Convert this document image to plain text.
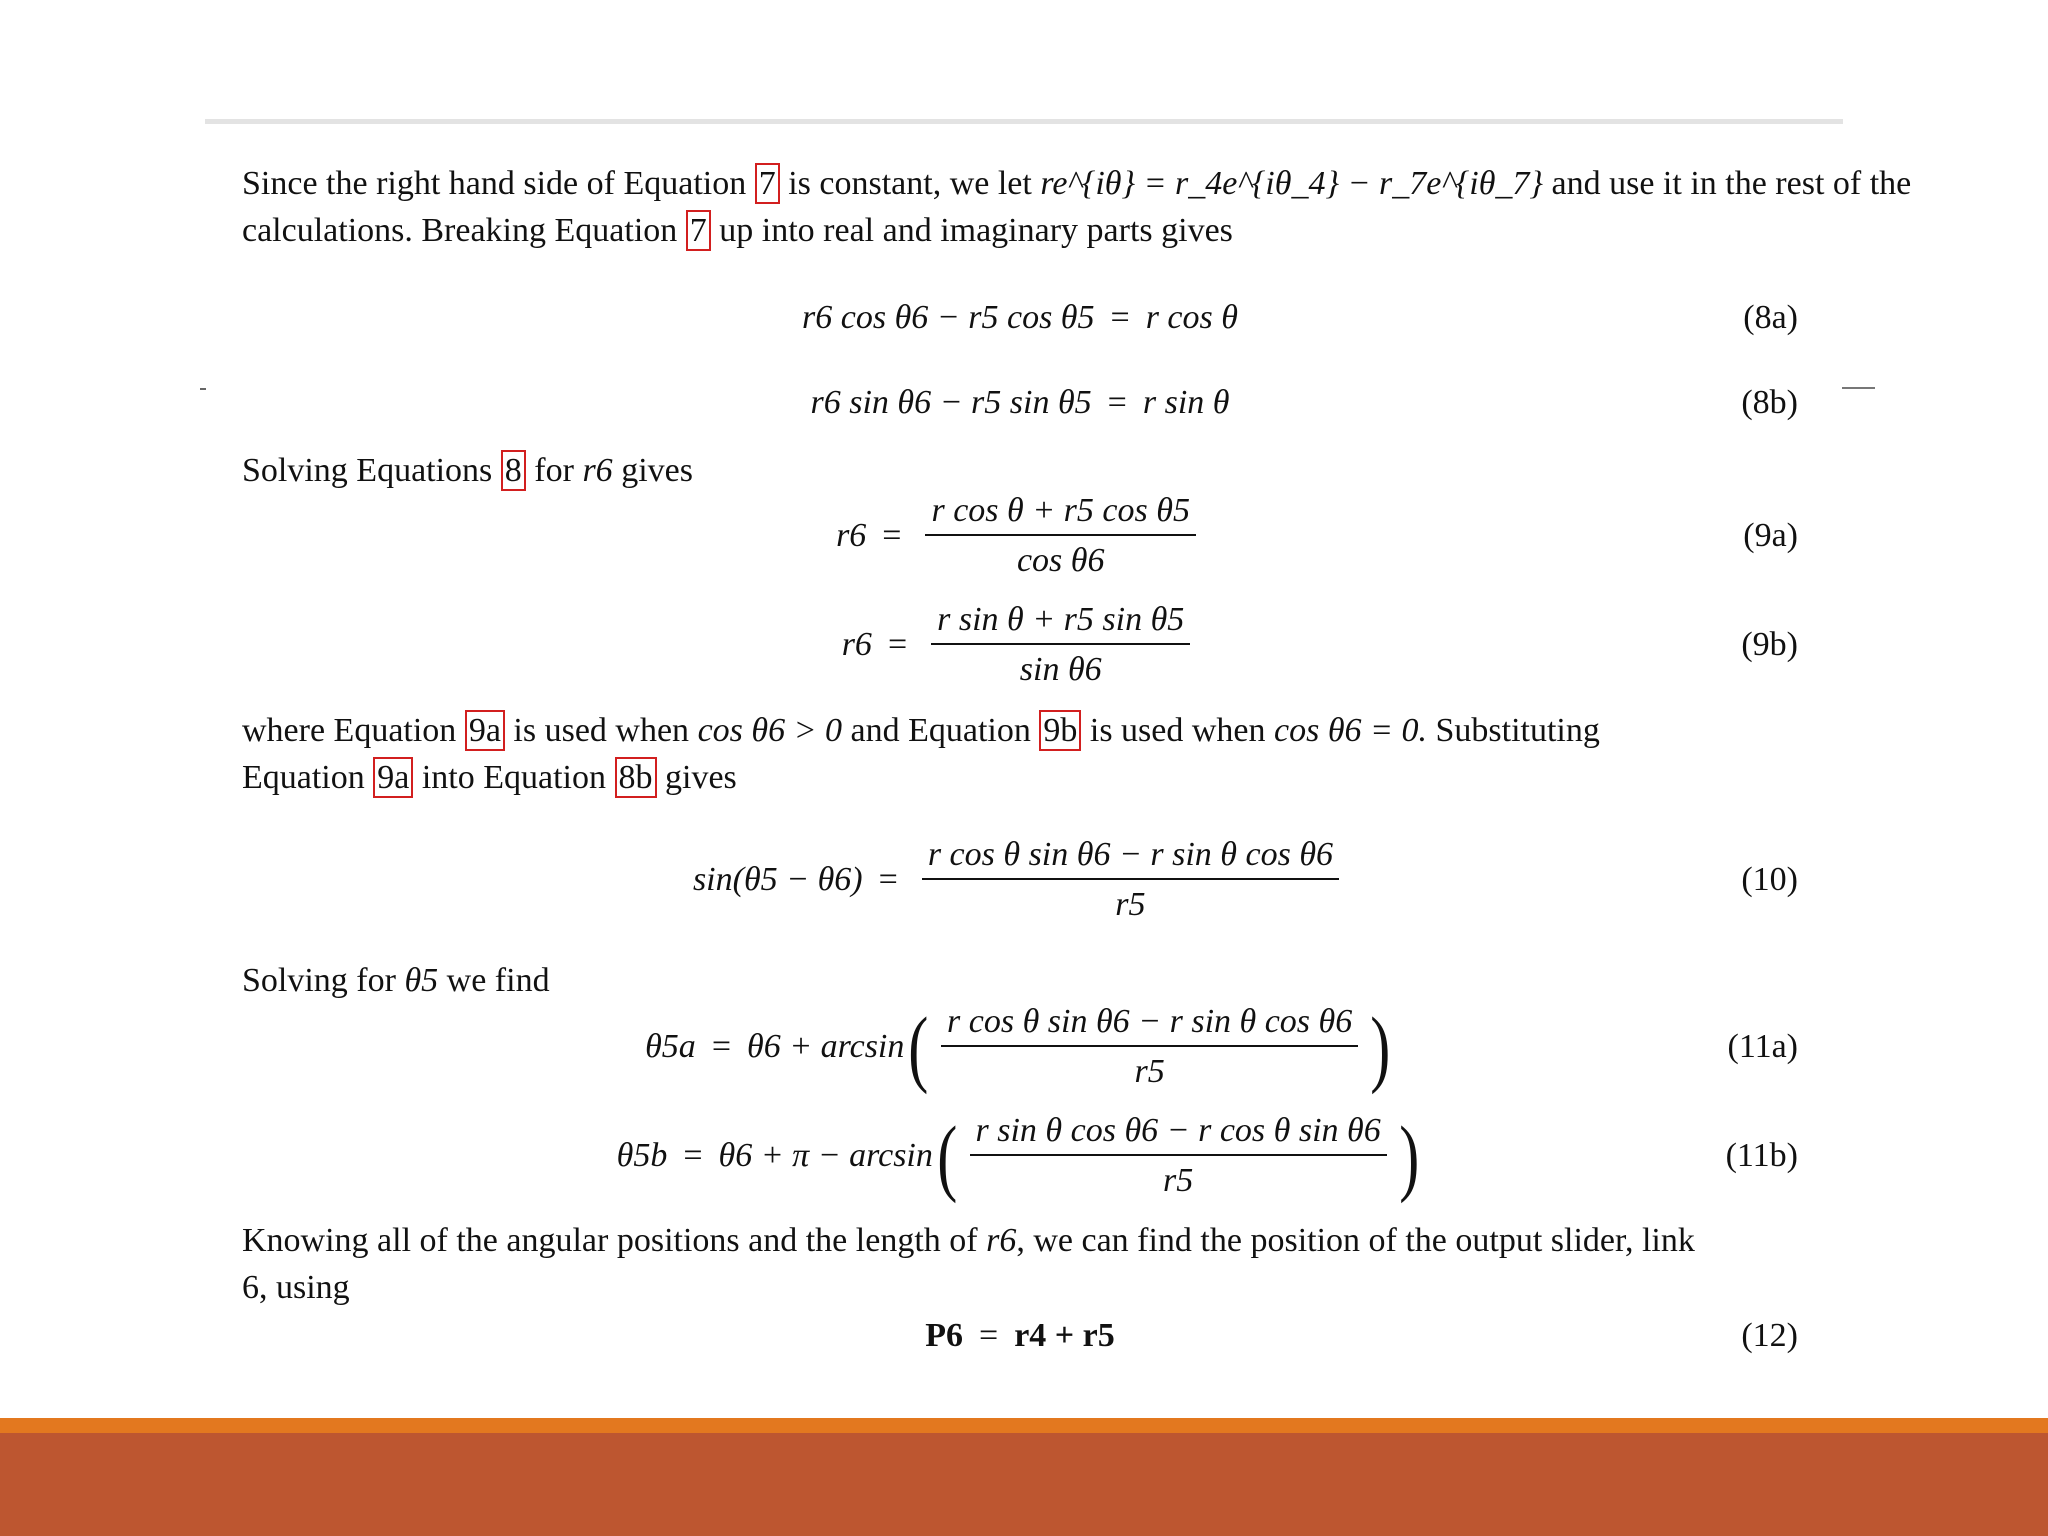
Since the right hand side of Equation 7 is constant, we let re^{iθ} = r_4e^{iθ_4} − r_7e^{iθ_7} and use it in the rest of the
calculations. Breaking Equation 7 up into real and imaginary parts gives
r6 cos θ6 − r5 cos θ5 = r cos θ	(8a)
r6 sin θ6 − r5 sin θ5 = r sin θ	(8b)
Solving Equations 8 for r6 gives
$r6 = \frac{\text{r cos θ + r5 cos θ5}}{\text{cos θ6}}$	(9a)
$r6 = \frac{\text{r sin θ + r5 sin θ5}}{\text{sin θ6}}$	(9b)
where Equation 9a is used when cos θ6 > 0 and Equation 9b is used when cos θ6 = 0. Substituting
Equation 9a into Equation 8b gives
$\sin(\theta 5 - \theta 6) = \frac{\text{r cos θ sin θ6 − r sin θ cos θ6}}{r5}$	(10)
Solving for θ5 we find
θ5a = θ6 + arcsin ( $\frac{\text{r cos θ sin θ6 − r sin θ cos θ6}}{r5}$ )	(11a)
θ5b = θ6 + π − arcsin ( $\frac{\text{r sin θ cos θ6 − r cos θ sin θ6}}{r5}$ )	(11b)
Knowing all of the angular positions and the length of r6, we can find the position of the output slider, link
6, using
P6 = r4 + r5	(12)
